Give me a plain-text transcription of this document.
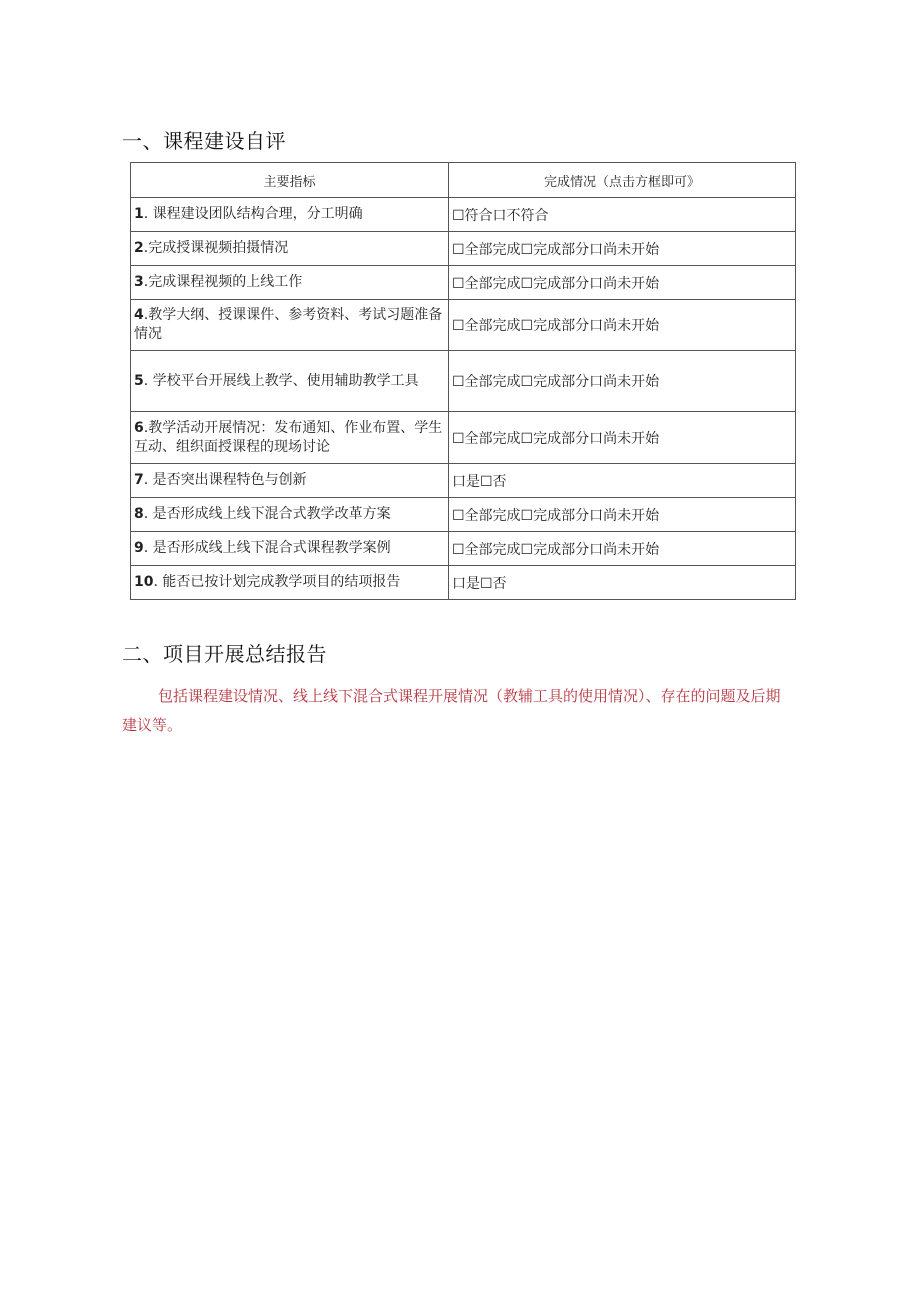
一、课程建设自评
主要指标	完成情况（点击方框即可》
1. 课程建设团队结构合理，分工明确	☐符合口不符合
2.完成授课视频拍摄情况	☐全部完成☐完成部分口尚未开始
3.完成课程视频的上线工作	☐全部完成☐完成部分口尚未开始
4.教学大纲、授课课件、参考资料、考试习题准备情况	☐全部完成☐完成部分口尚未开始
5. 学校平台开展线上教学、使用辅助教学工具	☐全部完成☐完成部分口尚未开始
6.教学活动开展情况：发布通知、作业布置、学生互动、组织面授课程的现场讨论	☐全部完成☐完成部分口尚未开始
7. 是否突出课程特色与创新	口是☐否
8. 是否形成线上线下混合式教学改革方案	☐全部完成☐完成部分口尚未开始
9. 是否形成线上线下混合式课程教学案例	☐全部完成☐完成部分口尚未开始
10. 能否已按计划完成教学项目的结项报告	口是☐否
二、项目开展总结报告
包括课程建设情况、线上线下混合式课程开展情况（教辅工具的使用情况）、存在的问题及后期建议等。
